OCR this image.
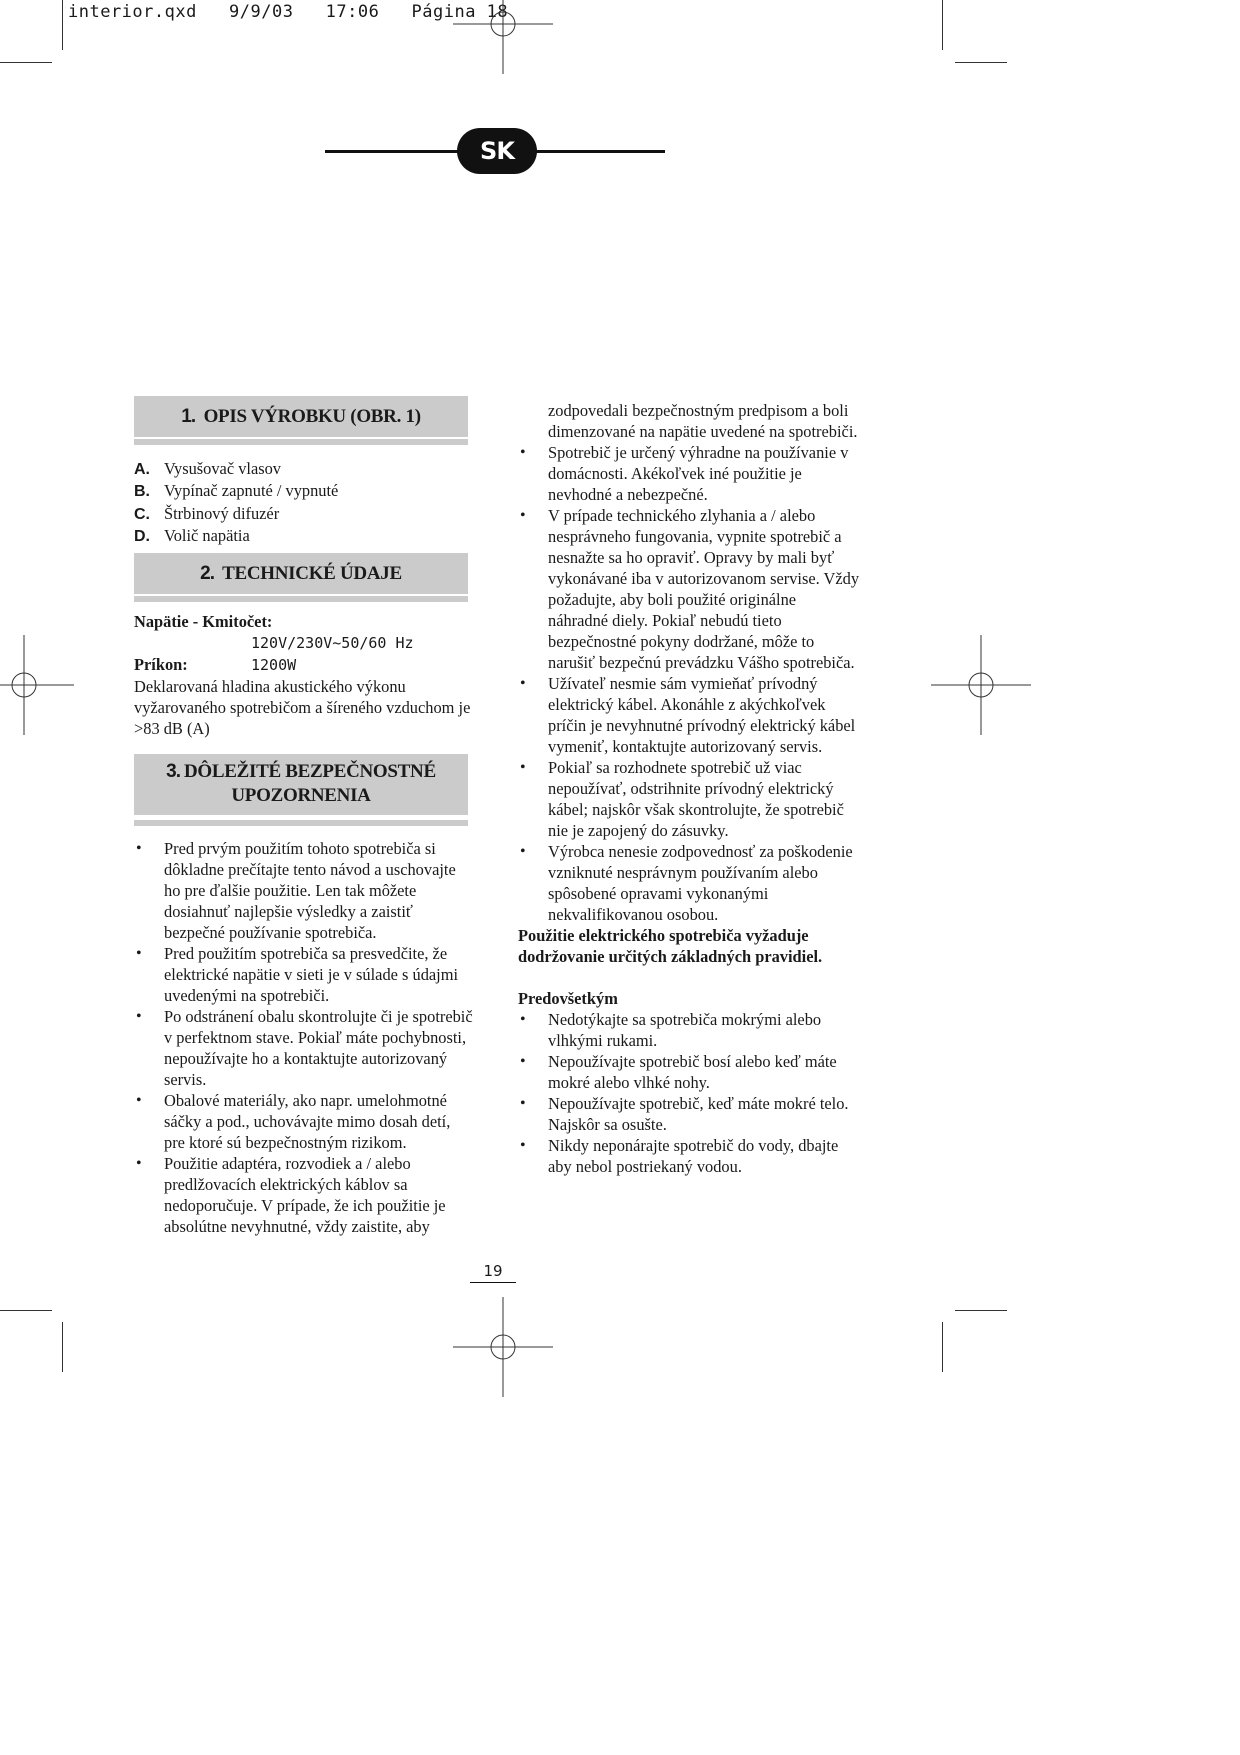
interior.qxd   9/9/03   17:06   Página 18
SK
1. OPIS VÝROBKU (OBR. 1)
A. Vysušovač vlasov
B. Vypínač zapnuté / vypnuté
C. Štrbinový difuzér
D. Volič napätia
2. TECHNICKÉ ÚDAJE
Napätie - Kmitočet:
120V/230V~50/60 Hz
Príkon:	1200W
Deklarovaná hladina akustického výkonu vyžarovaného spotrebičom a šíreného vzduchom je >83 dB (A)
3. DÔLEŽITÉ BEZPEČNOSTNÉ
UPOZORNENIA
• Pred prvým použitím tohoto spotrebiča si dôkladne prečítajte tento návod a uschovajte ho pre ďalšie použitie. Len tak môžete dosiahnuť najlepšie výsledky a zaistiť bezpečné používanie spotrebiča.
• Pred použitím spotrebiča sa presvedčite, že elektrické napätie v sieti je v súlade s údajmi uvedenými na spotrebiči.
• Po odstránení obalu skontrolujte či je spotrebič v perfektnom stave. Pokiaľ máte pochybnosti, nepoužívajte ho a kontaktujte autorizovaný servis.
• Obalové materiály, ako napr. umelohmotné sáčky a pod., uchovávajte mimo dosah detí, pre ktoré sú bezpečnostným rizikom.
• Použitie adaptéra, rozvodiek a / alebo predlžovacích elektrických káblov sa nedoporučuje. V prípade, že ich použitie je absolútne nevyhnutné, vždy zaistite, aby
zodpovedali bezpečnostným predpisom a boli dimenzované na napätie uvedené na spotrebiči.
• Spotrebič je určený výhradne na používanie v domácnosti. Akékoľvek iné použitie je nevhodné a nebezpečné.
• V prípade technického zlyhania a / alebo nesprávneho fungovania, vypnite spotrebič a nesnažte sa ho opraviť. Opravy by mali byť vykonávané iba v autorizovanom servise. Vždy požadujte, aby boli použité originálne náhradné diely. Pokiaľ nebudú tieto bezpečnostné pokyny dodržané, môže to narušiť bezpečnú prevádzku Vášho spotrebiča.
• Užívateľ nesmie sám vymieňať prívodný elektrický kábel. Akonáhle z akýchkoľvek príčin je nevyhnutné prívodný elektrický kábel vymeniť, kontaktujte autorizovaný servis.
• Pokiaľ sa rozhodnete spotrebič už viac nepoužívať, odstrihnite prívodný elektrický kábel; najskôr však skontrolujte, že spotrebič nie je zapojený do zásuvky.
• Výrobca nenesie zodpovednosť za poškodenie vzniknuté nesprávnym používaním alebo spôsobené opravami vykonanými nekvalifikovanou osobou.
Použitie elektrického spotrebiča vyžaduje dodržovanie určitých základných pravidiel.
Predovšetkým
• Nedotýkajte sa spotrebiča mokrými alebo vlhkými rukami.
• Nepoužívajte spotrebič bosí alebo keď máte mokré alebo vlhké nohy.
• Nepoužívajte spotrebič, keď máte mokré telo. Najskôr sa osušte.
• Nikdy neponárajte spotrebič do vody, dbajte aby nebol postriekaný vodou.
19
